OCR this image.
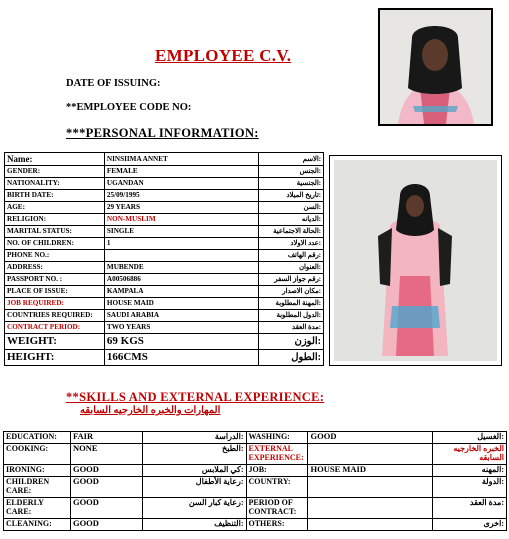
EMPLOYEE C.V.
DATE OF ISSUING:
**EMPLOYEE CODE NO:
***PERSONAL INFORMATION:
Name:	NINSIIMA ANNET	:الاسم
GENDER:	FEMALE	:الجنس
NATIONALITY:	UGANDAN	:الجنسية
BIRTH DATE:	25/09/1995	:تاريخ الميلاد
AGE:	29 YEARS	:السن
RELIGION:	NON-MUSLIM	:الديانه
MARITAL STATUS:	SINGLE	:الحالة الاجتماعية
NO. OF CHILDREN:	1	:عدد الاولاد
PHONE NO.:		:رقم الهاتف
ADDRESS:	MUBENDE	:العنوان
PASSPORT NO. :	A00506886	:رقم جواز السفر
PLACE OF ISSUE:	KAMPALA	:مكان الاصدار
JOB REQUIRED:	HOUSE MAID	:المهنة المطلوبة
COUNTRIES REQUIRED:	SAUDI ARABIA	:الدول المطلوبة
CONTRACT PERIOD:	TWO YEARS	:مدة العقد
WEIGHT:	69 KGS	:الوزن
HEIGHT:	166CMS	:الطول
**SKILLS AND EXTERNAL EXPERIENCE:
المهارات والخبره الخارجيه السابقه
EDUCATION:	FAIR	:الدراسة	WASHING:	GOOD	:الغسيل
COOKING:	NONE	:الطبخ	EXTERNAL EXPERIENCE:		الخبره الخارجيه السابقه
IRONING:	GOOD	:كي الملابس	JOB:	HOUSE MAID	:المهنه
CHILDREN CARE:	GOOD	:رعاية الأطفال	COUNTRY:		:الدولة
ELDERLY CARE:	GOOD	:رعاية كبار السن	PERIOD OF CONTRACT:		:مدة العقد
CLEANING:	GOOD	:التنظيف	OTHERS:		:اخرى
